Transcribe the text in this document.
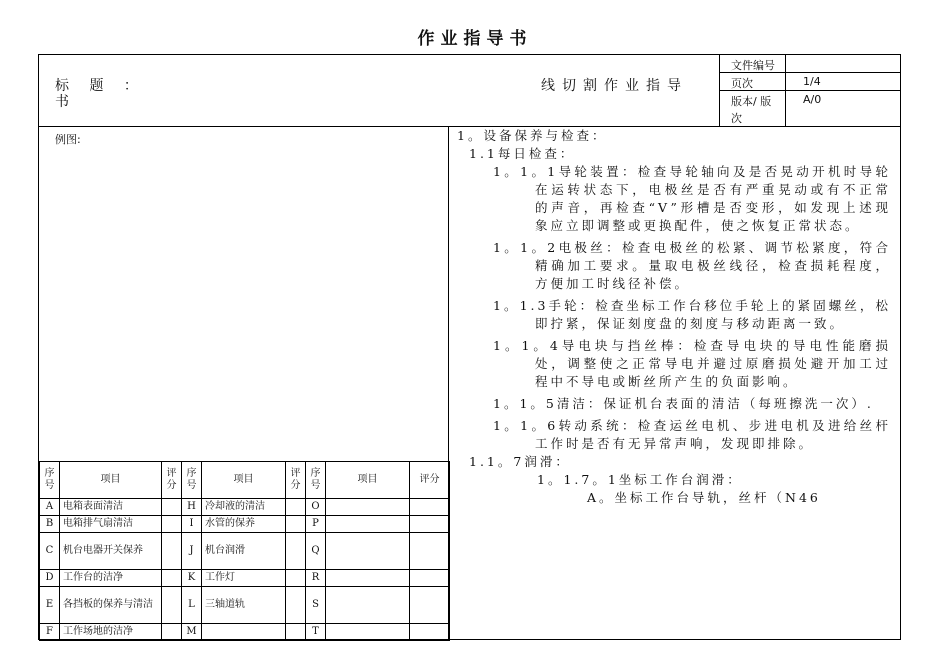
作业指导书
标 题 ：
书
线切割作业指导
文件编号
页次	1/4
版本/ 版
次
A/0
例图:
序号	项目	评分	序号	项目	评分	序号	项目	评分
A	电箱表面清洁		H	冷却液的清洁		O		
B	电箱排气扇清洁		I	水管的保养		P		
C	机台电器开关保养		J	机台润滑		Q		
D	工作台的洁净		K	工作灯		R		
E	各挡板的保养与清洁		L	三轴道轨		S		
F	工作场地的洁净		M			T		

1。设备保养与检查：

1.1每日检查：

1。1。1导轮装置：检查导轮轴向及是否晃动开机时导轮在运转状态下，电极丝是否有严重晃动或有不正常的声音，再检查“V”形槽是否变形，如发现上述现象应立即调整或更换配件，使之恢复正常状态。

1。1。2电极丝：检查电极丝的松紧、调节松紧度，符合精确加工要求。量取电极丝线径，检查损耗程度，方便加工时线径补偿。

1。1.3手轮：检查坐标工作台移位手轮上的紧固螺丝，松即拧紧，保证刻度盘的刻度与移动距离一致。

1。1。4导电块与挡丝棒：检查导电块的导电性能磨损处，调整使之正常导电并避过原磨损处避开加工过程中不导电或断丝所产生的负面影响。

1。1。5清洁：保证机台表面的清洁（每班擦洗一次）.

1。1。6转动系统：检查运丝电机、步进电机及进给丝杆工作时是否有无异常声响，发现即排除。

1.1。7润滑：

1。1.7。1坐标工作台润滑：

A。坐标工作台导轨，丝杆（N46
